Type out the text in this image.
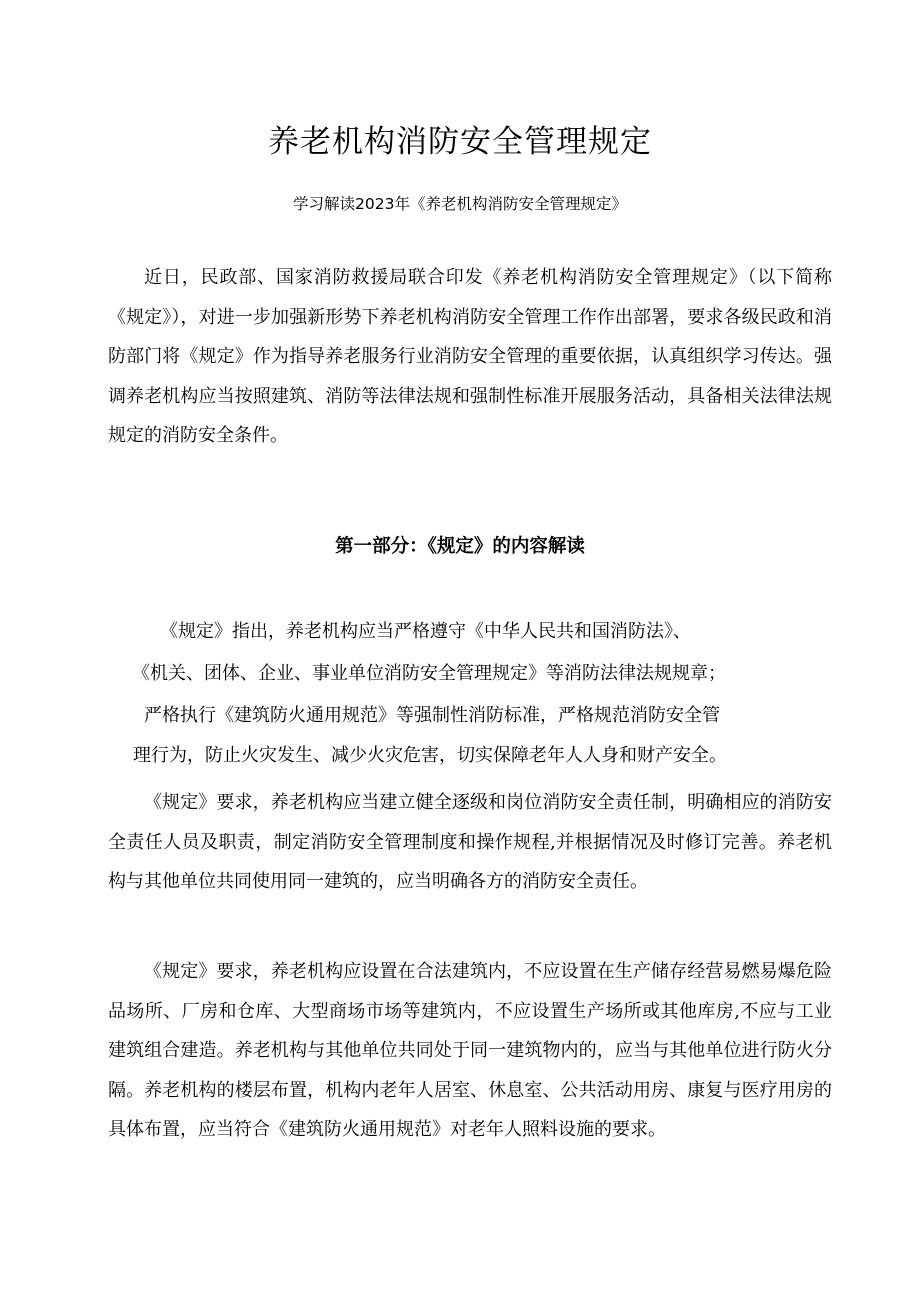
养老机构消防安全管理规定
学习解读2023年《养老机构消防安全管理规定》

近日，民政部、国家消防救援局联合印发《养老机构消防安全管理规定》（以下简称《规定》），对进一步加强新形势下养老机构消防安全管理工作作出部署，要求各级民政和消防部门将《规定》作为指导养老服务行业消防安全管理的重要依据，认真组织学习传达。强调养老机构应当按照建筑、消防等法律法规和强制性标准开展服务活动，具备相关法律法规规定的消防安全条件。

第一部分：《规定》的内容解读
《规定》指出，养老机构应当严格遵守《中华人民共和国消防法》、
《机关、团体、企业、事业单位消防安全管理规定》等消防法律法规规章；
严格执行《建筑防火通用规范》等强制性消防标准，严格规范消防安全管
理行为，防止火灾发生、减少火灾危害，切实保障老年人人身和财产安全。

《规定》要求，养老机构应当建立健全逐级和岗位消防安全责任制，明确相应的消防安全责任人员及职责，制定消防安全管理制度和操作规程,并根据情况及时修订完善。养老机构与其他单位共同使用同一建筑的，应当明确各方的消防安全责任。

《规定》要求，养老机构应设置在合法建筑内，不应设置在生产储存经营易燃易爆危险品场所、厂房和仓库、大型商场市场等建筑内，不应设置生产场所或其他库房,不应与工业建筑组合建造。养老机构与其他单位共同处于同一建筑物内的，应当与其他单位进行防火分隔。养老机构的楼层布置，机构内老年人居室、休息室、公共活动用房、康复与医疗用房的具体布置，应当符合《建筑防火通用规范》对老年人照料设施的要求。
